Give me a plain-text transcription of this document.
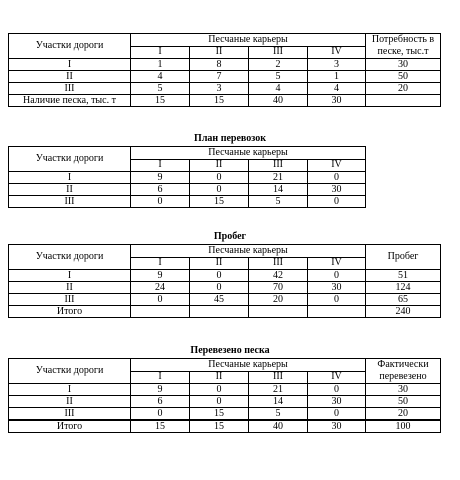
Участки дороги	Песчаные карьеры				Потребность в песке, тыс.т
	I	II	III	IV	
I	1	8	2	3	30
II	4	7	5	1	50
III	5	3	4	4	20
Наличие песка, тыс. т	15	15	40	30	
План перевозок
Участки дороги	Песчаные карьеры			
	I	II	III	IV
I	9	0	21	0
II	6	0	14	30
III	0	15	5	0
Пробег
Участки дороги	Песчаные карьеры				Пробег
	I	II	III	IV	
I	9	0	42	0	51
II	24	0	70	30	124
III	0	45	20	0	65
Итого					240
Перевезено песка
Участки дороги	Песчаные карьеры				Фактически перевезено
	I	II	III	IV	
I	9	0	21	0	30
II	6	0	14	30	50
III	0	15	5	0	20
Итого	15	15	40	30	100
